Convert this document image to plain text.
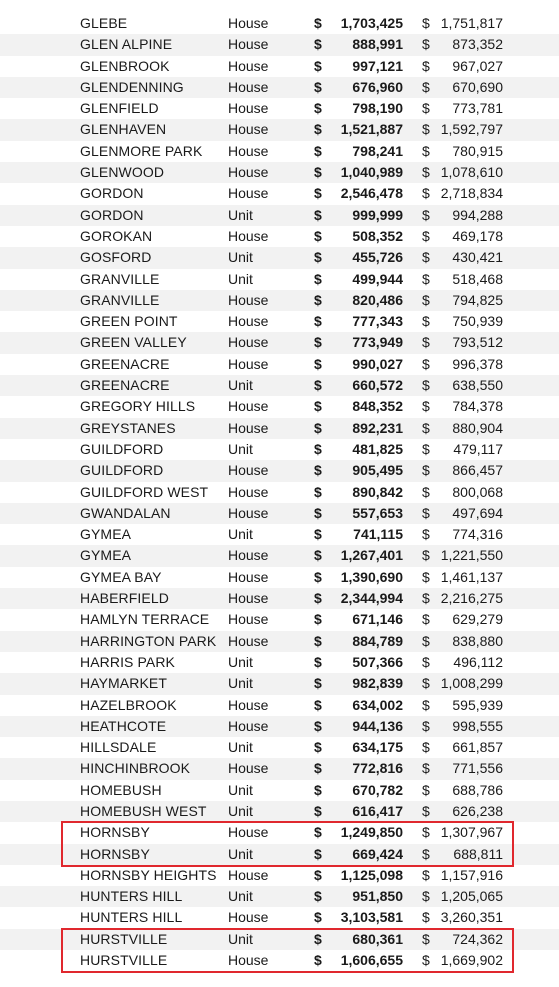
GLEBE	House	$ 1,703,425 $ 1,751,817
GLEN ALPINE	House	$ 888,991 $ 873,352
GLENBROOK	House	$ 997,121 $ 967,027
GLENDENNING	House	$ 676,960 $ 670,690
GLENFIELD	House	$ 798,190 $ 773,781
GLENHAVEN	House	$ 1,521,887 $ 1,592,797
GLENMORE PARK House	$ 798,241 $ 780,915
GLENWOOD	House	$ 1,040,989 $ 1,078,610
GORDON	House	$ 2,546,478 $ 2,718,834
GORDON	Unit	$ 999,999 $ 994,288
GOROKAN	House	$ 508,352 $ 469,178
GOSFORD	Unit	$ 455,726 $ 430,421
GRANVILLE	Unit	$ 499,944 $ 518,468
GRANVILLE	House	$ 820,486 $ 794,825
GREEN POINT	House	$ 777,343 $ 750,939
GREEN VALLEY	House	$ 773,949 $ 793,512
GREENACRE	House	$ 990,027 $ 996,378
GREENACRE	Unit	$ 660,572 $ 638,550
GREGORY HILLS House	$ 848,352 $ 784,378
GREYSTANES	House	$ 892,231 $ 880,904
GUILDFORD	Unit	$ 481,825 $ 479,117
GUILDFORD	House	$ 905,495 $ 866,457
GUILDFORD WEST House	$ 890,842 $ 800,068
GWANDALAN	House	$ 557,653 $ 497,694
GYMEA	Unit	$ 741,115 $ 774,316
GYMEA	House	$ 1,267,401 $ 1,221,550
GYMEA BAY	House	$ 1,390,690 $ 1,461,137
HABERFIELD	House	$ 2,344,994 $ 2,216,275
HAMLYN TERRACE House	$ 671,146 $ 629,279
HARRINGTON PARK House	$ 884,789 $ 838,880
HARRIS PARK	Unit	$ 507,366 $ 496,112
HAYMARKET	Unit	$ 982,839 $ 1,008,299
HAZELBROOK	House	$ 634,002 $ 595,939
HEATHCOTE	House	$ 944,136 $ 998,555
HILLSDALE	Unit	$ 634,175 $ 661,857
HINCHINBROOK	House	$ 772,816 $ 771,556
HOMEBUSH	Unit	$ 670,782 $ 688,786
HOMEBUSH WEST Unit	$ 616,417 $ 626,238
HORNSBY	House	$ 1,249,850 $ 1,307,967
HORNSBY	Unit	$ 669,424 $ 688,811
HORNSBY HEIGHTS House	$ 1,125,098 $ 1,157,916
HUNTERS HILL	Unit	$ 951,850 $ 1,205,065
HUNTERS HILL	House	$ 3,103,581 $ 3,260,351
HURSTVILLE	Unit	$ 680,361 $ 724,362
HURSTVILLE	House	$ 1,606,655 $ 1,669,902
